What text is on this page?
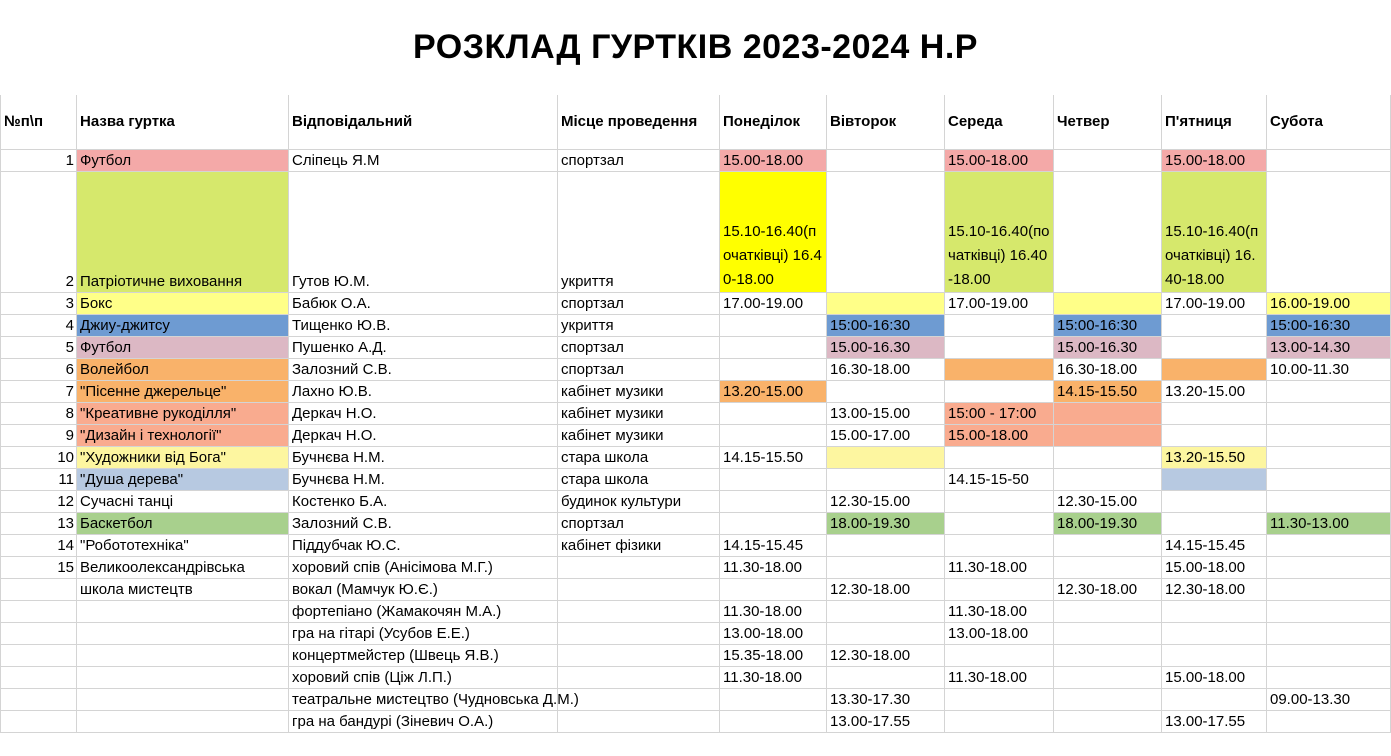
РОЗКЛАД ГУРТКІВ 2023-2024 Н.Р
№п\п	Назва гуртка	Відповідальний	Місце проведення	Понеділок	Вівторок	Середа	Четвер	П'ятниця	Субота
1	Футбол	Сліпець Я.М	спортзал	15.00-18.00		15.00-18.00		15.00-18.00	
2	Патріотичне виховання	Гутов Ю.М.	укриття	15.10-16.40(початківці) 16.40-18.00		15.10-16.40(початківці) 16.40-18.00		15.10-16.40(початківці) 16.40-18.00	
3	Бокс	Бабюк О.А.	спортзал	17.00-19.00		17.00-19.00		17.00-19.00	16.00-19.00
4	Джиу-джитсу	Тищенко Ю.В.	укриття		15:00-16:30		15:00-16:30		15:00-16:30
5	Футбол	Пушенко А.Д.	спортзал		15.00-16.30		15.00-16.30		13.00-14.30
6	Волейбол	Залозний С.В.	спортзал		16.30-18.00		16.30-18.00		10.00-11.30
7	"Пісенне джерельце"	Лахно Ю.В.	кабінет музики	13.20-15.00			14.15-15.50	13.20-15.00	
8	"Креативне рукоділля"	Деркач Н.О.	кабінет музики		13.00-15.00	15:00 - 17:00			
9	"Дизайн і технології"	Деркач Н.О.	кабінет музики		15.00-17.00	15.00-18.00			
10	"Художники від Бога"	Бучнєва Н.М.	стара школа	14.15-15.50				13.20-15.50	
11	"Душа дерева"	Бучнєва Н.М.	стара школа			14.15-15-50			
12	Сучасні танці	Костенко Б.А.	будинок культури		12.30-15.00		12.30-15.00		
13	Баскетбол	Залозний С.В.	спортзал		18.00-19.30		18.00-19.30		11.30-13.00
14	"Робототехніка"	Піддубчак Ю.С.	кабінет фізики	14.15-15.45				14.15-15.45	
15	Великоолександрівська	хоровий спів (Анісімова М.Г.)		11.30-18.00		11.30-18.00		15.00-18.00	
	школа мистецтв	вокал (Мамчук Ю.Є.)			12.30-18.00		12.30-18.00	12.30-18.00	
		фортепіано (Жамакочян М.А.)		11.30-18.00		11.30-18.00			
		гра на гітарі (Усубов Е.Е.)		13.00-18.00		13.00-18.00			
		концертмейстер (Швець Я.В.)		15.35-18.00	12.30-18.00				
		хоровий спів (Ціж Л.П.)		11.30-18.00		11.30-18.00		15.00-18.00	
		театральне мистецтво (Чудновська Д.М.)			13.30-17.30				09.00-13.30
		гра на бандурі (Зіневич О.А.)			13.00-17.55			13.00-17.55	
